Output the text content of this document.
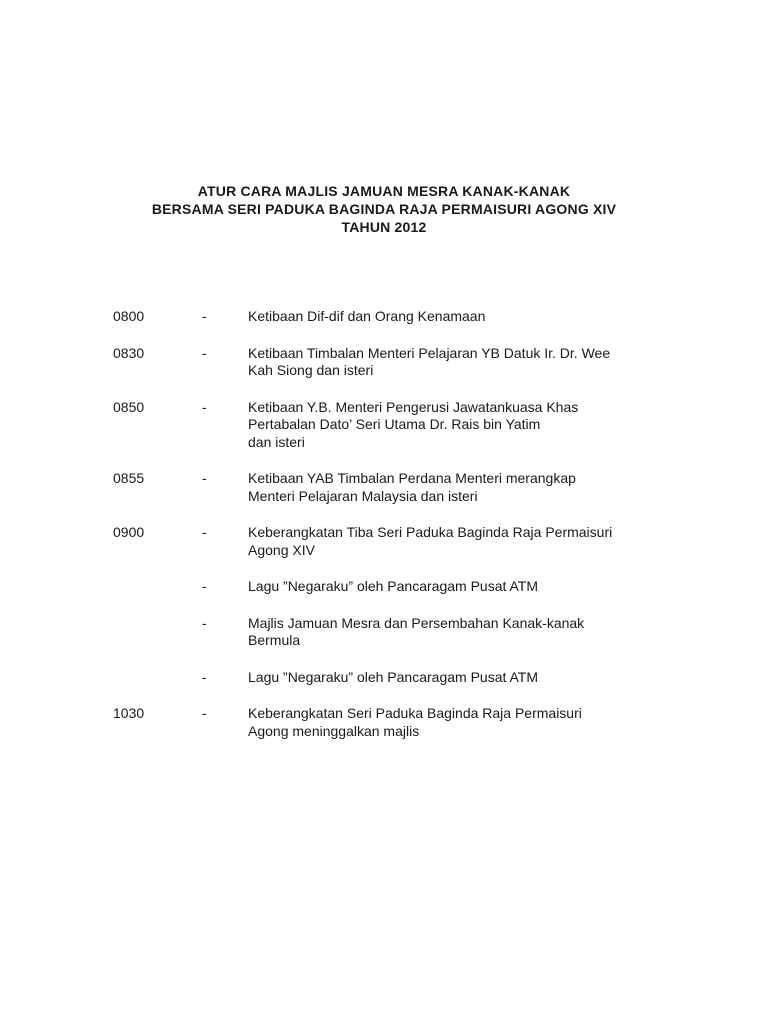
ATUR CARA MAJLIS JAMUAN MESRA KANAK-KANAK
BERSAMA SERI PADUKA BAGINDA RAJA PERMAISURI AGONG XIV
TAHUN 2012
0800	-	Ketibaan Dif-dif dan Orang Kenamaan
0830	-	Ketibaan Timbalan Menteri Pelajaran YB Datuk Ir. Dr. Wee
Kah Siong dan isteri
0850	-	Ketibaan Y.B. Menteri Pengerusi Jawatankuasa Khas
Pertabalan Dato’ Seri Utama Dr. Rais bin Yatim
dan isteri
0855	-	Ketibaan YAB Timbalan Perdana Menteri merangkap
Menteri Pelajaran Malaysia dan isteri
0900	-	Keberangkatan Tiba Seri Paduka Baginda Raja Permaisuri
Agong XIV
-	Lagu ”Negaraku” oleh Pancaragam Pusat ATM
-	Majlis Jamuan Mesra dan Persembahan Kanak-kanak
Bermula
-	Lagu ”Negaraku” oleh Pancaragam Pusat ATM
1030	-	Keberangkatan Seri Paduka Baginda Raja Permaisuri
Agong meninggalkan majlis
